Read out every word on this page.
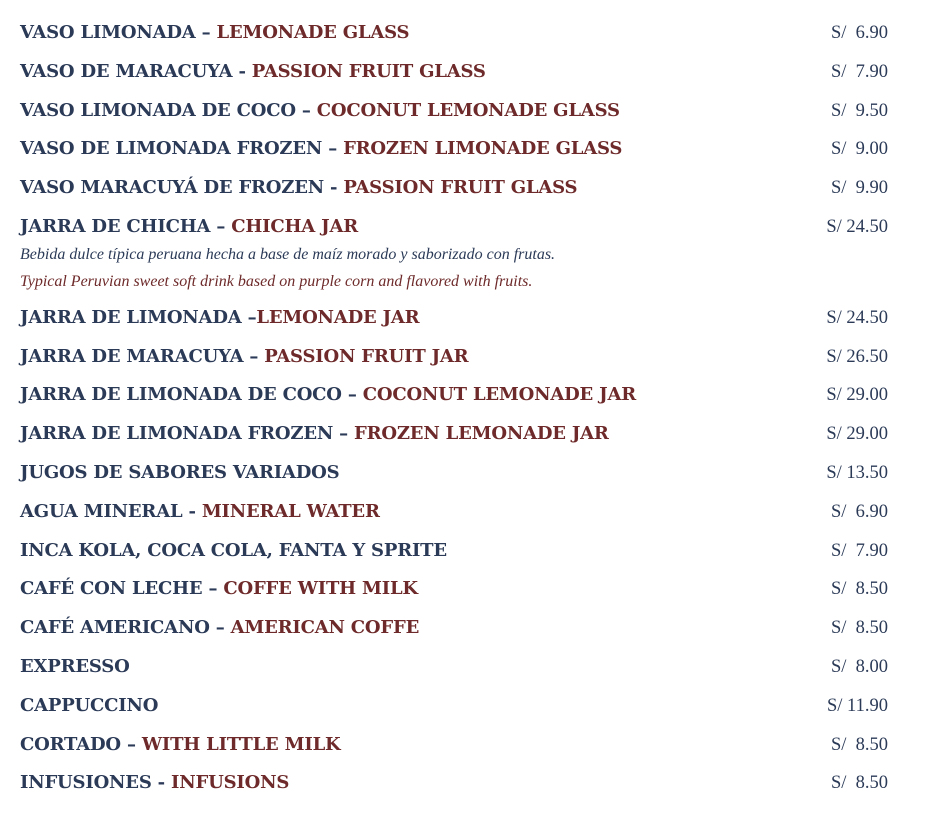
VASO LIMONADA – LEMONADE GLASS	S/  6.90
VASO DE MARACUYA - PASSION FRUIT GLASS	S/  7.90
VASO LIMONADA DE COCO – COCONUT LEMONADE GLASS	S/  9.50
VASO DE LIMONADA FROZEN – FROZEN LIMONADE GLASS	S/  9.00
VASO MARACUYÁ DE FROZEN - PASSION FRUIT GLASS	S/  9.90
JARRA DE CHICHA – CHICHA JAR	S/ 24.50
Bebida dulce típica peruana hecha a base de maíz morado y saborizado con frutas.
Typical Peruvian sweet soft drink based on purple corn and flavored with fruits.
JARRA DE LIMONADA –LEMONADE JAR	S/ 24.50
JARRA DE MARACUYA – PASSION FRUIT JAR	S/ 26.50
JARRA DE LIMONADA DE COCO – COCONUT LEMONADE JAR	S/ 29.00
JARRA DE LIMONADA FROZEN – FROZEN LEMONADE JAR	S/ 29.00
JUGOS DE SABORES VARIADOS	S/ 13.50
AGUA MINERAL - MINERAL WATER	S/  6.90
INCA KOLA, COCA COLA, FANTA Y SPRITE	S/  7.90
CAFÉ CON LECHE – COFFE WITH MILK	S/  8.50
CAFÉ AMERICANO – AMERICAN COFFE	S/  8.50
EXPRESSO	S/  8.00
CAPPUCCINO	S/ 11.90
CORTADO – WITH LITTLE MILK	S/  8.50
INFUSIONES - INFUSIONS	S/  8.50
